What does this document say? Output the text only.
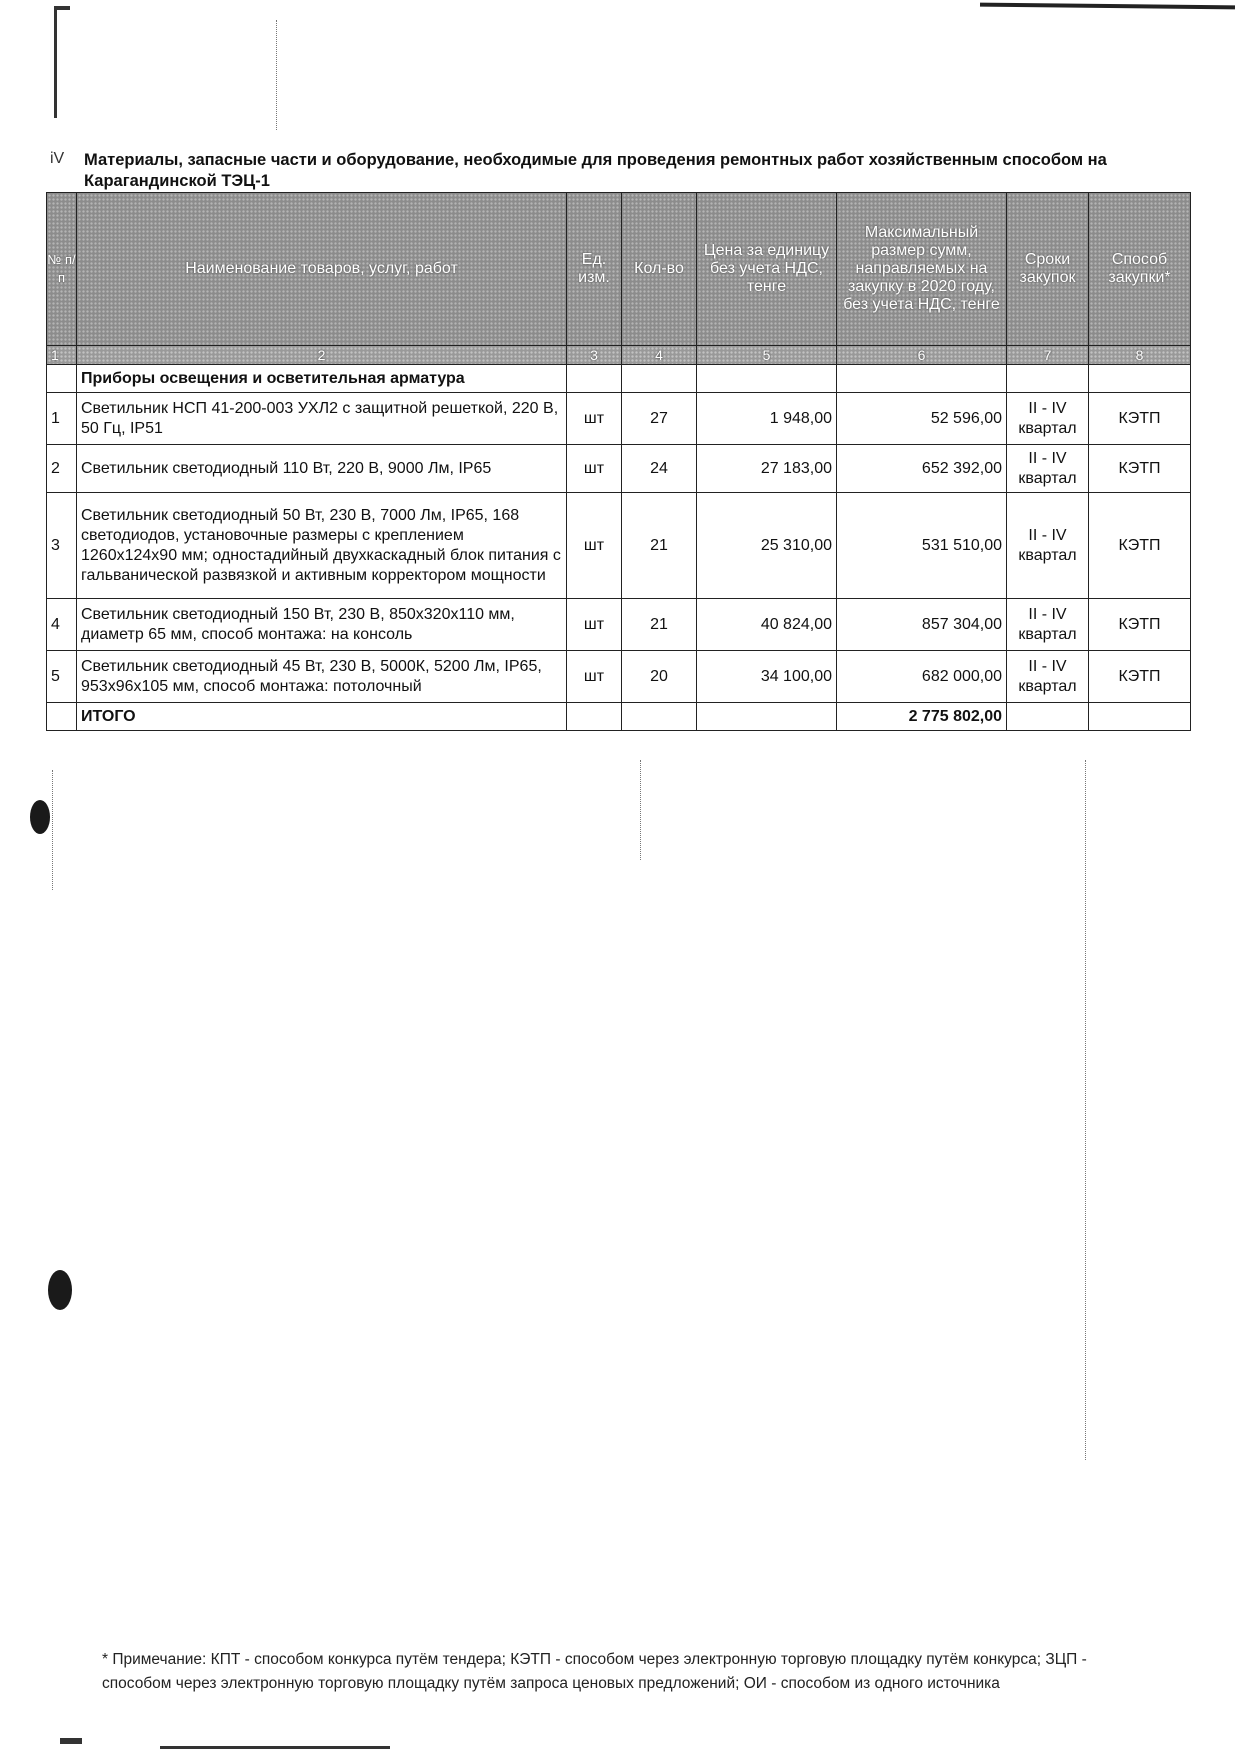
iV Материалы, запасные части и оборудование, необходимые для проведения ремонтных работ хозяйственным способом на Карагандинской ТЭЦ-1
№ п/п	Наименование товаров, услуг, работ	Ед. изм.	Кол-во	Цена за единицу без учета НДС, тенге	Максимальный размер сумм, направляемых на закупку в 2020 году, без учета НДС, тенге	Сроки закупок	Способ закупки*
1	2	3	4	5	6	7	8
	Приборы освещения и осветительная арматура						
1	Светильник НСП 41-200-003 УХЛ2 с защитной решеткой, 220 В, 50 Гц, IP51	шт	27	1 948,00	52 596,00	II - IV квартал	КЭТП
2	Светильник светодиодный 110 Вт, 220 В, 9000 Лм, IP65	шт	24	27 183,00	652 392,00	II - IV квартал	КЭТП
3	Светильник светодиодный 50 Вт, 230 В, 7000 Лм, IP65, 168 светодиодов, установочные размеры с креплением 1260x124x90 мм; одностадийный двухкаскадный блок питания с гальванической развязкой и активным корректором мощности	шт	21	25 310,00	531 510,00	II - IV квартал	КЭТП
4	Светильник светодиодный 150 Вт, 230 В, 850x320x110 мм, диаметр 65 мм, способ монтажа: на консоль	шт	21	40 824,00	857 304,00	II - IV квартал	КЭТП
5	Светильник светодиодный 45 Вт, 230 В, 5000К, 5200 Лм, IP65, 953x96x105 мм, способ монтажа: потолочный	шт	20	34 100,00	682 000,00	II - IV квартал	КЭТП
	ИТОГО				2 775 802,00		
* Примечание: КПТ - способом конкурса путём тендера; КЭТП - способом через электронную торговую площадку путём конкурса; ЗЦП - способом через электронную торговую площадку путём запроса ценовых предложений; ОИ - способом из одного источника
